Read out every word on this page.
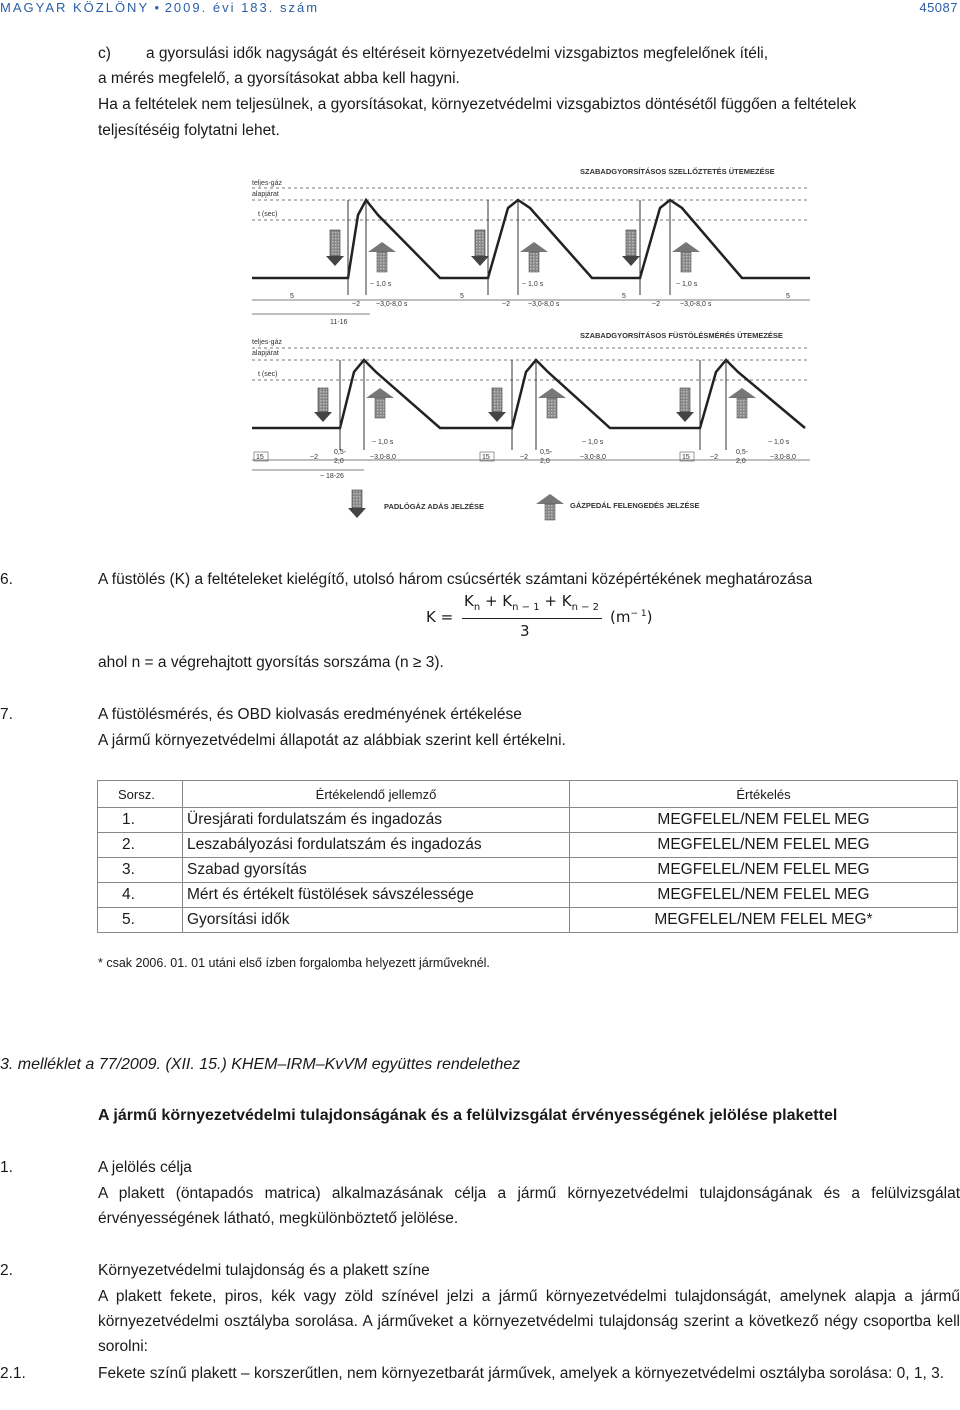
MAGYAR KÖZLÖNY • 2009. évi 183. szám	45087
c) a gyorsulási idők nagyságát és eltéréseit környezetvédelmi vizsgabiztos megfelelőnek ítéli,
a mérés megfelelő, a gyorsításokat abba kell hagyni.
Ha a feltételek nem teljesülnek, a gyorsításokat, környezetvédelmi vizsgabiztos döntésétől függően a feltételek
teljesítéséig folytatni lehet.
SZABADGYORSÍTÁSOS SZELLŐZTETÉS ÜTEMEZÉSE
SZABADGYORSÍTÁSOS FÜSTÖLÉSMÉRÉS ÜTEMEZÉSE
teljes-gáz
alapjárat
t (sec)
teljes-gáz
alapjárat
t (sec)
5
~2
~ 1,0 s
~3,0-8,0 s
5
~2
~ 1,0 s
~3,0-8,0 s
5
~2
~ 1,0 s
~3,0-8,0 s
5
11-16
15	~2
0,5-
2,0
~ 1,0 s
~3,0-8,0	15	~2
0,5-
2,0
~ 1,0 s
~3,0-8,0	15	~2
0,5-
2,0
~ 1,0 s
~3,0-8,0
~ 18-26
PADLÓGÁZ ADÁS JELZÉSE	GÁZPEDÁL FELENGEDÉS JELZÉSE
6.	A füstölés (K) a feltételeket kielégítő, utolsó három csúcsérték számtani középértékének meghatározása
K =
$K_n + K_{n - 1} + K_{n - 2}$
3
$(m^{- 1})$
ahol n = a végrehajtott gyorsítás sorszáma (n ≥ 3).
7.	A füstölésmérés, és OBD kiolvasás eredményének értékelése
A jármű környezetvédelmi állapotát az alábbiak szerint kell értékelni.
Sorsz.	Értékelendő jellemző	Értékelés
1.	Üresjárati fordulatszám és ingadozás	MEGFELEL/NEM FELEL MEG
2.	Leszabályozási fordulatszám és ingadozás	MEGFELEL/NEM FELEL MEG
3.	Szabad gyorsítás	MEGFELEL/NEM FELEL MEG
4.	Mért és értékelt füstölések sávszélessége	MEGFELEL/NEM FELEL MEG
5.	Gyorsítási idők	MEGFELEL/NEM FELEL MEG*
* csak 2006. 01. 01 utáni első ízben forgalomba helyezett járműveknél.
3. melléklet a 77/2009. (XII. 15.) KHEM–IRM–KvVM együttes rendelethez
A jármű környezetvédelmi tulajdonságának és a felülvizsgálat érvényességének jelölése plakettel
1.	A jelölés célja
A plakett (öntapadós matrica) alkalmazásának célja a jármű környezetvédelmi tulajdonságának és a felülvizsgálat érvényességének látható, megkülönböztető jelölése.
2.	Környezetvédelmi tulajdonság és a plakett színe
A plakett fekete, piros, kék vagy zöld színével jelzi a jármű környezetvédelmi tulajdonságát, amelynek alapja a jármű környezetvédelmi osztályba sorolása. A járműveket a környezetvédelmi tulajdonság szerint a következő négy csoportba kell sorolni:
2.1.	Fekete színű plakett – korszerűtlen, nem környezetbarát járművek, amelyek a környezetvédelmi osztályba sorolása: 0, 1, 3.
